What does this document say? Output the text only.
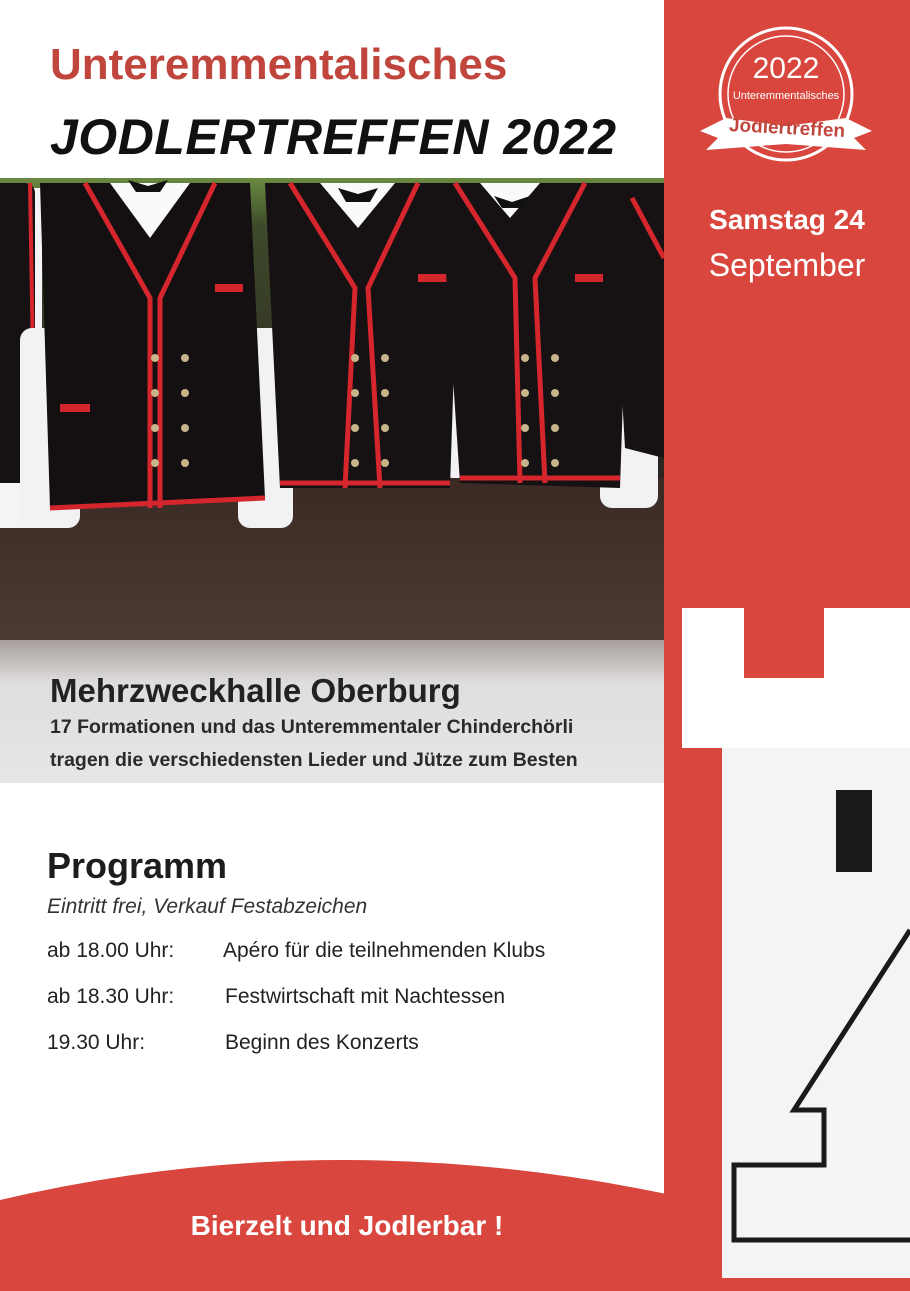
Unteremmentalisches
JODLERTREFFEN 2022
Mehrzweckhalle Oberburg

17 Formationen und das Unteremmentaler Chinderchörli

tragen die verschiedensten Lieder und Jütze zum Besten

Programm

Eintritt frei, Verkauf Festabzeichen

ab 18.00 Uhr: Apéro für die teilnehmenden Klubs
ab 18.30 Uhr: Festwirtschaft mit Nachtessen
19.30 Uhr:	Beginn des Konzerts

Bierzelt und Jodlerbar !

2022

Unteremmentalisches

Jodlertreffen

Samstag 24

September
